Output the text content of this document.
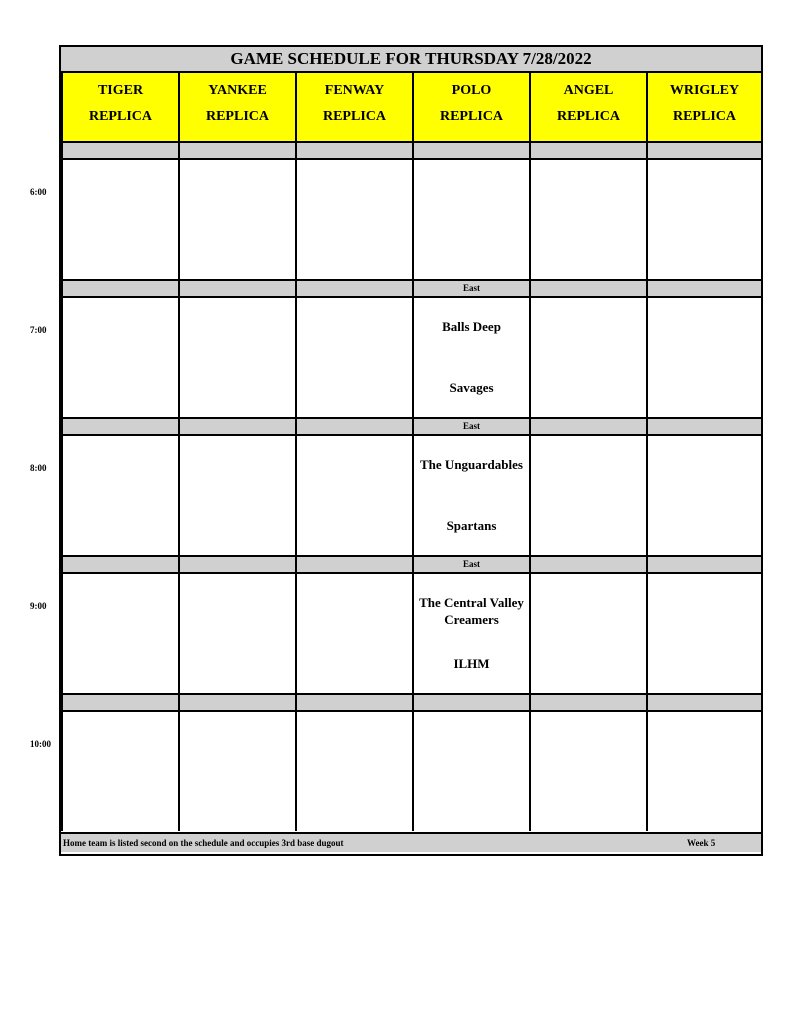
GAME SCHEDULE FOR THURSDAY 7/28/2022
TIGER
REPLICA
YANKEE
REPLICA
FENWAY
REPLICA
POLO
REPLICA
ANGEL
REPLICA
WRIGLEY
REPLICA
East
Balls Deep
Savages
East
The Unguardables
Spartans
East
The Central Valley Creamers
ILHM
Home team is listed second on the schedule and occupies 3rd base dugout	Week 5
6:00
7:00
8:00
9:00
10:00
